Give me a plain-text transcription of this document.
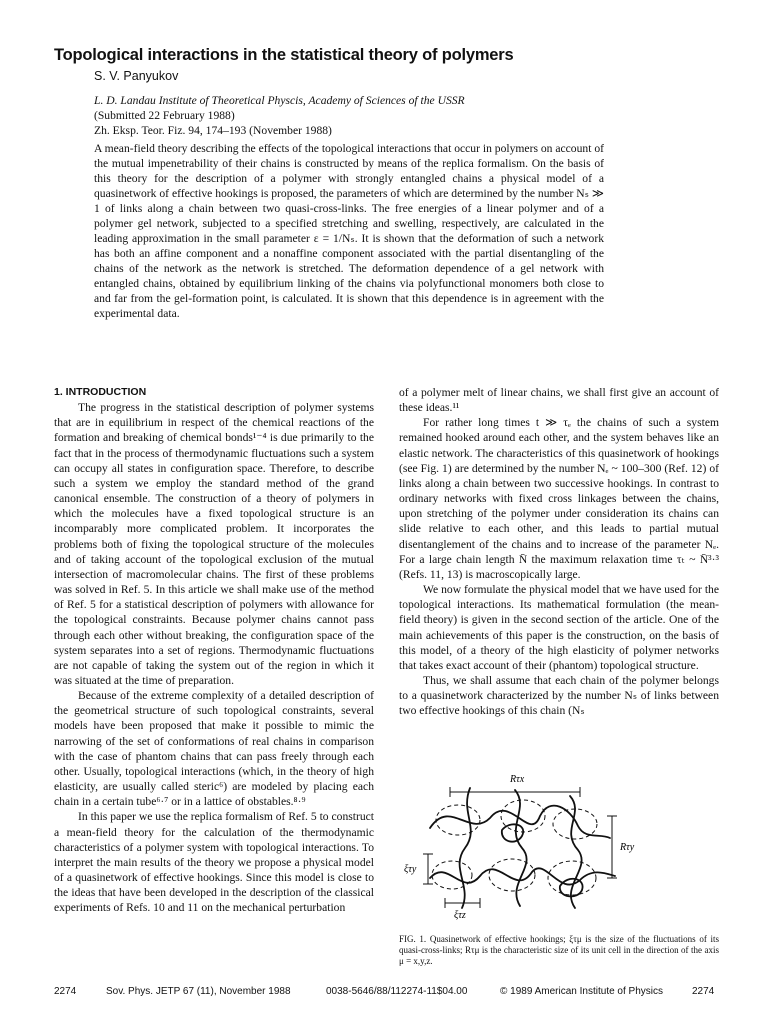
Topological interactions in the statistical theory of polymers
S. V. Panyukov
L. D. Landau Institute of Theoretical Physcis, Academy of Sciences of the USSR
(Submitted 22 February 1988)
Zh. Eksp. Teor. Fiz. 94, 174–193 (November 1988)
A mean-field theory describing the effects of the topological interactions that occur in polymers on account of the mutual impenetrability of their chains is constructed by means of the replica formalism. On the basis of this theory for the description of a polymer with strongly entangled chains a physical model of a quasinetwork of effective hookings is proposed, the parameters of which are determined by the number Nₛ ≫ 1 of links along a chain between two quasi-cross-links. The free energies of a linear polymer and of a polymer gel network, subjected to a specified stretching and swelling, respectively, are calculated in the leading approximation in the small parameter ε = 1/Nₛ. It is shown that the deformation of such a network has both an affine component and a nonaffine component associated with the partial disentangling of the chains of the network as the network is stretched. The deformation dependence of a gel network with entangled chains, obtained by equilibrium linking of the chains via polyfunctional monomers both close to and far from the gel-formation point, is calculated. It is shown that this dependence is in agreement with the experimental data.

1. INTRODUCTION

The progress in the statistical description of polymer systems that are in equilibrium in respect of the chemical reactions of the formation and breaking of chemical bonds¹⁻⁴ is due primarily to the fact that in the process of thermodynamic fluctuations such a system can occupy all states in configuration space. Therefore, to describe such a system we employ the standard method of the grand canonical ensemble. The construction of a theory of polymers in which the molecules have a fixed topological structure is an incomparably more complicated problem. It incorporates the problems both of fixing the topological structure of the molecules and of taking account of the topological exclusion of the mutual intersection of macromolecular chains. The first of these problems was solved in Ref. 5. In this article we shall make use of the method of Ref. 5 for a statistical description of polymers with allowance for the topological constraints. Because polymer chains cannot pass through each other without breaking, the configuration space of the system separates into a set of regions. Thermodynamic fluctuations are not capable of taking the system out of the region in which it was situated at the time of preparation.

Because of the extreme complexity of a detailed description of the geometrical structure of such topological constraints, several models have been proposed that make it possible to mimic the narrowing of the set of conformations of real chains in comparison with the case of phantom chains that can pass freely through each other. Usually, topological interactions (which, in the theory of high elasticity, are usually called steric⁶) are modeled by placing each chain in a certain tube⁶·⁷ or in a lattice of obstables.⁸·⁹

In this paper we use the replica formalism of Ref. 5 to construct a mean-field theory for the calculation of the thermodynamic characteristics of a polymer system with topological interactions. To interpret the main results of the theory we propose a physical model of a quasinetwork of effective hookings. Since this model is close to the ideas that have been developed in the description of the classical experiments of Refs. 10 and 11 on the mechanical perturbation

of a polymer melt of linear chains, we shall first give an account of these ideas.¹¹

For rather long times t ≫ τₑ the chains of such a system remained hooked around each other, and the system behaves like an elastic network. The characteristics of this quasinetwork of hookings (see Fig. 1) are determined by the number Nₑ ~ 100–300 (Ref. 12) of links along a chain between two successive hookings. In contrast to ordinary networks with fixed cross linkages between the chains, upon stretching of the polymer under consideration its chains can slide relative to each other, and this leads to partial mutual disentanglement of the chains and to increase of the parameter Nₑ. For a large chain length N̄ the maximum relaxation time τₜ ~ N̄³·³ (Refs. 11, 13) is macroscopically large.

We now formulate the physical model that we have used for the topological interactions. Its mathematical formulation (the mean-field theory) is given in the second section of the article. One of the main achievements of this paper is the construction, on the basis of this model, of a theory of the high elasticity of polymer networks that takes exact account of their (phantom) topological structure.

Thus, we shall assume that each chain of the polymer belongs to a quasinetwork characterized by the number Nₛ of links between two effective hookings of this chain (Nₛ

Rτx
Rτy
ξτy
ξτz
FIG. 1. Quasinetwork of effective hookings; ξτμ is the size of the fluctuations of its quasi-cross-links; Rτμ is the characteristic size of its unit cell in the direction of the axis μ = x,y,z.
2274	Sov. Phys. JETP 67 (11), November 1988	0038-5646/88/112274-11$04.00	© 1989 American Institute of Physics	2274
